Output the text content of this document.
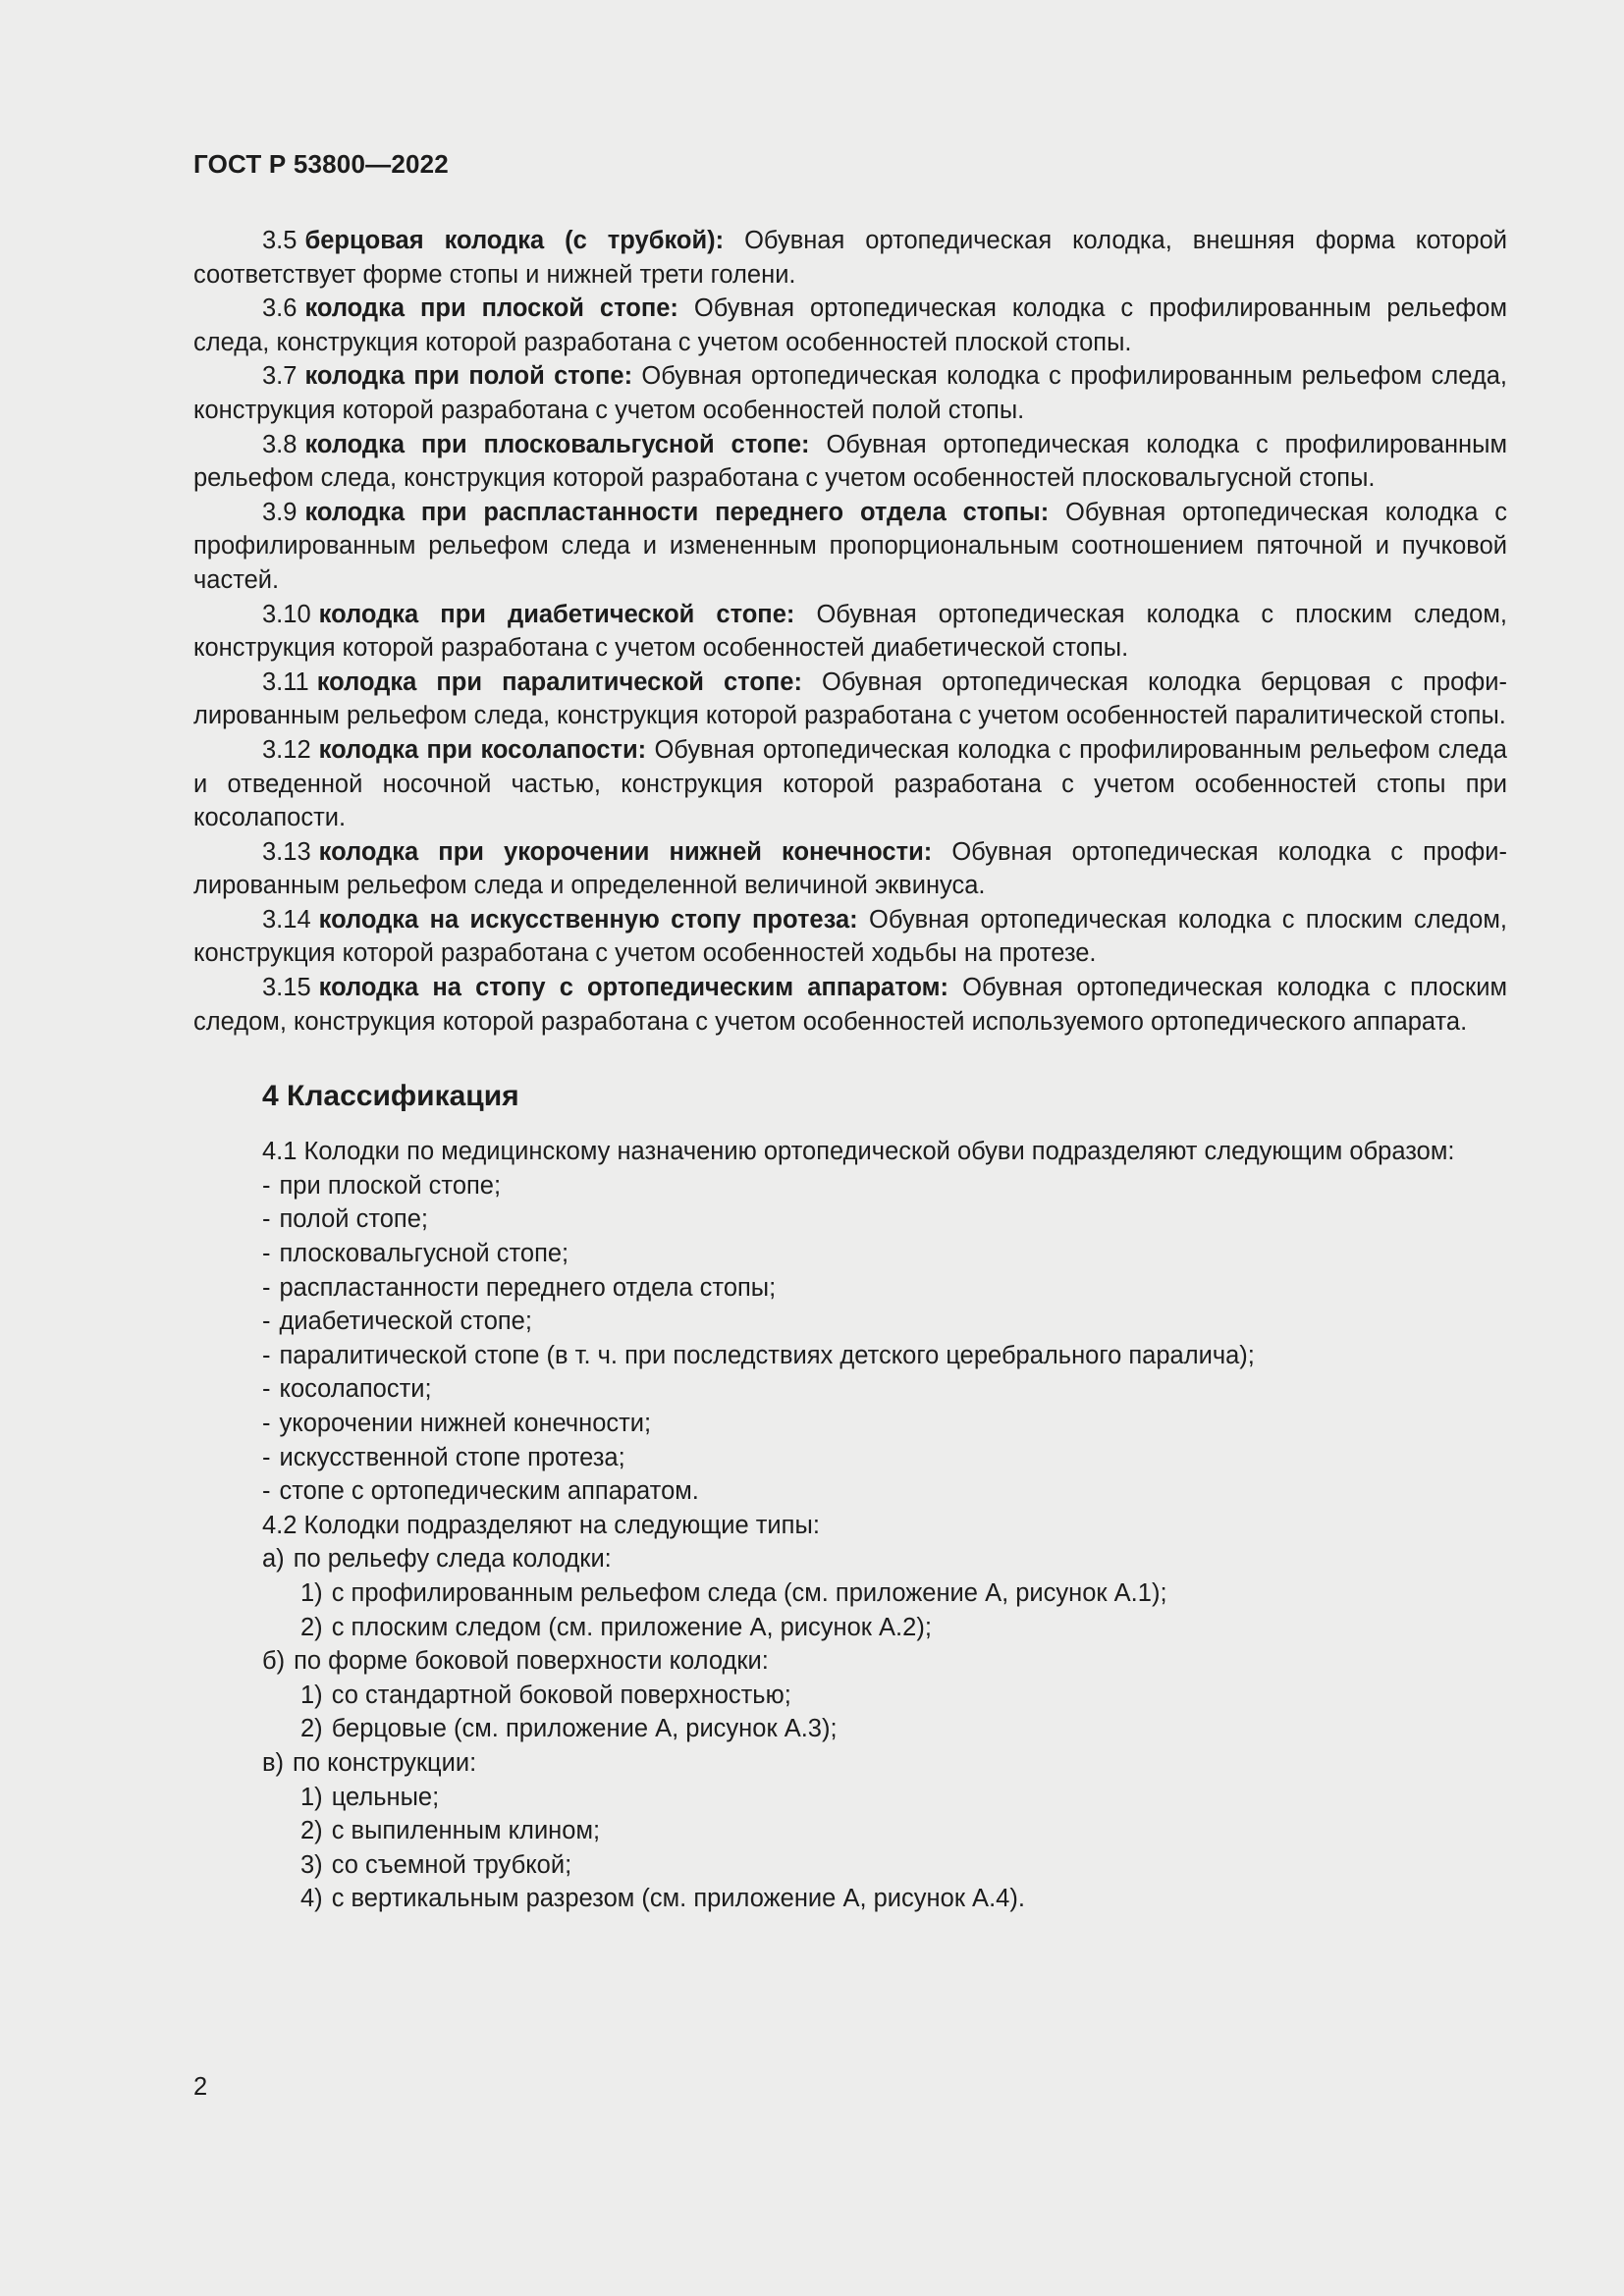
ГОСТ Р 53800—2022

3.5 берцовая колодка (с трубкой): Обувная ортопедическая колодка, внешняя форма которой соответствует форме стопы и нижней трети голени.

3.6 колодка при плоской стопе: Обувная ортопедическая колодка с профилированным рельефом следа, конструкция которой разработана с учетом особенностей плоской стопы.

3.7 колодка при полой стопе: Обувная ортопедическая колодка с профилированным рельефом следа, конструкция которой разработана с учетом особенностей полой стопы.

3.8 колодка при плосковальгусной стопе: Обувная ортопедическая колодка с профилированным рельефом следа, конструкция которой разработана с учетом особенностей плосковальгусной стопы.

3.9 колодка при распластанности переднего отдела стопы: Обувная ортопедическая колодка с профилированным рельефом следа и измененным пропорциональным соотношением пяточной и пучковой частей.

3.10 колодка при диабетической стопе: Обувная ортопедическая колодка с плоским следом, конструкция которой разработана с учетом особенностей диабетической стопы.

3.11 колодка при паралитической стопе: Обувная ортопедическая колодка берцовая с профилированным рельефом следа, конструкция которой разработана с учетом особенностей паралитической стопы.

3.12 колодка при косолапости: Обувная ортопедическая колодка с профилированным рельефом следа и отведенной носочной частью, конструкция которой разработана с учетом особенностей стопы при косолапости.

3.13 колодка при укорочении нижней конечности: Обувная ортопедическая колодка с профилированным рельефом следа и определенной величиной эквинуса.

3.14 колодка на искусственную стопу протеза: Обувная ортопедическая колодка с плоским следом, конструкция которой разработана с учетом особенностей ходьбы на протезе.

3.15 колодка на стопу с ортопедическим аппаратом: Обувная ортопедическая колодка с плоским следом, конструкция которой разработана с учетом особенностей используемого ортопедического аппарата.

4 Классификация

4.1 Колодки по медицинскому назначению ортопедической обуви подразделяют следующим образом:

- при плоской стопе;
- полой стопе;
- плосковальгусной стопе;
- распластанности переднего отдела стопы;
- диабетической стопе;
- паралитической стопе (в т. ч. при последствиях детского церебрального паралича);
- косолапости;
- укорочении нижней конечности;
- искусственной стопе протеза;
- стопе с ортопедическим аппаратом.

4.2 Колодки подразделяют на следующие типы:

а) по рельефу следа колодки:
1) с профилированным рельефом следа (см. приложение А, рисунок А.1);
2) с плоским следом (см. приложение А, рисунок А.2);
б) по форме боковой поверхности колодки:
1) со стандартной боковой поверхностью;
2) берцовые (см. приложение А, рисунок А.3);
в) по конструкции:
1) цельные;
2) с выпиленным клином;
3) со съемной трубкой;
4) с вертикальным разрезом (см. приложение А, рисунок А.4).
2
